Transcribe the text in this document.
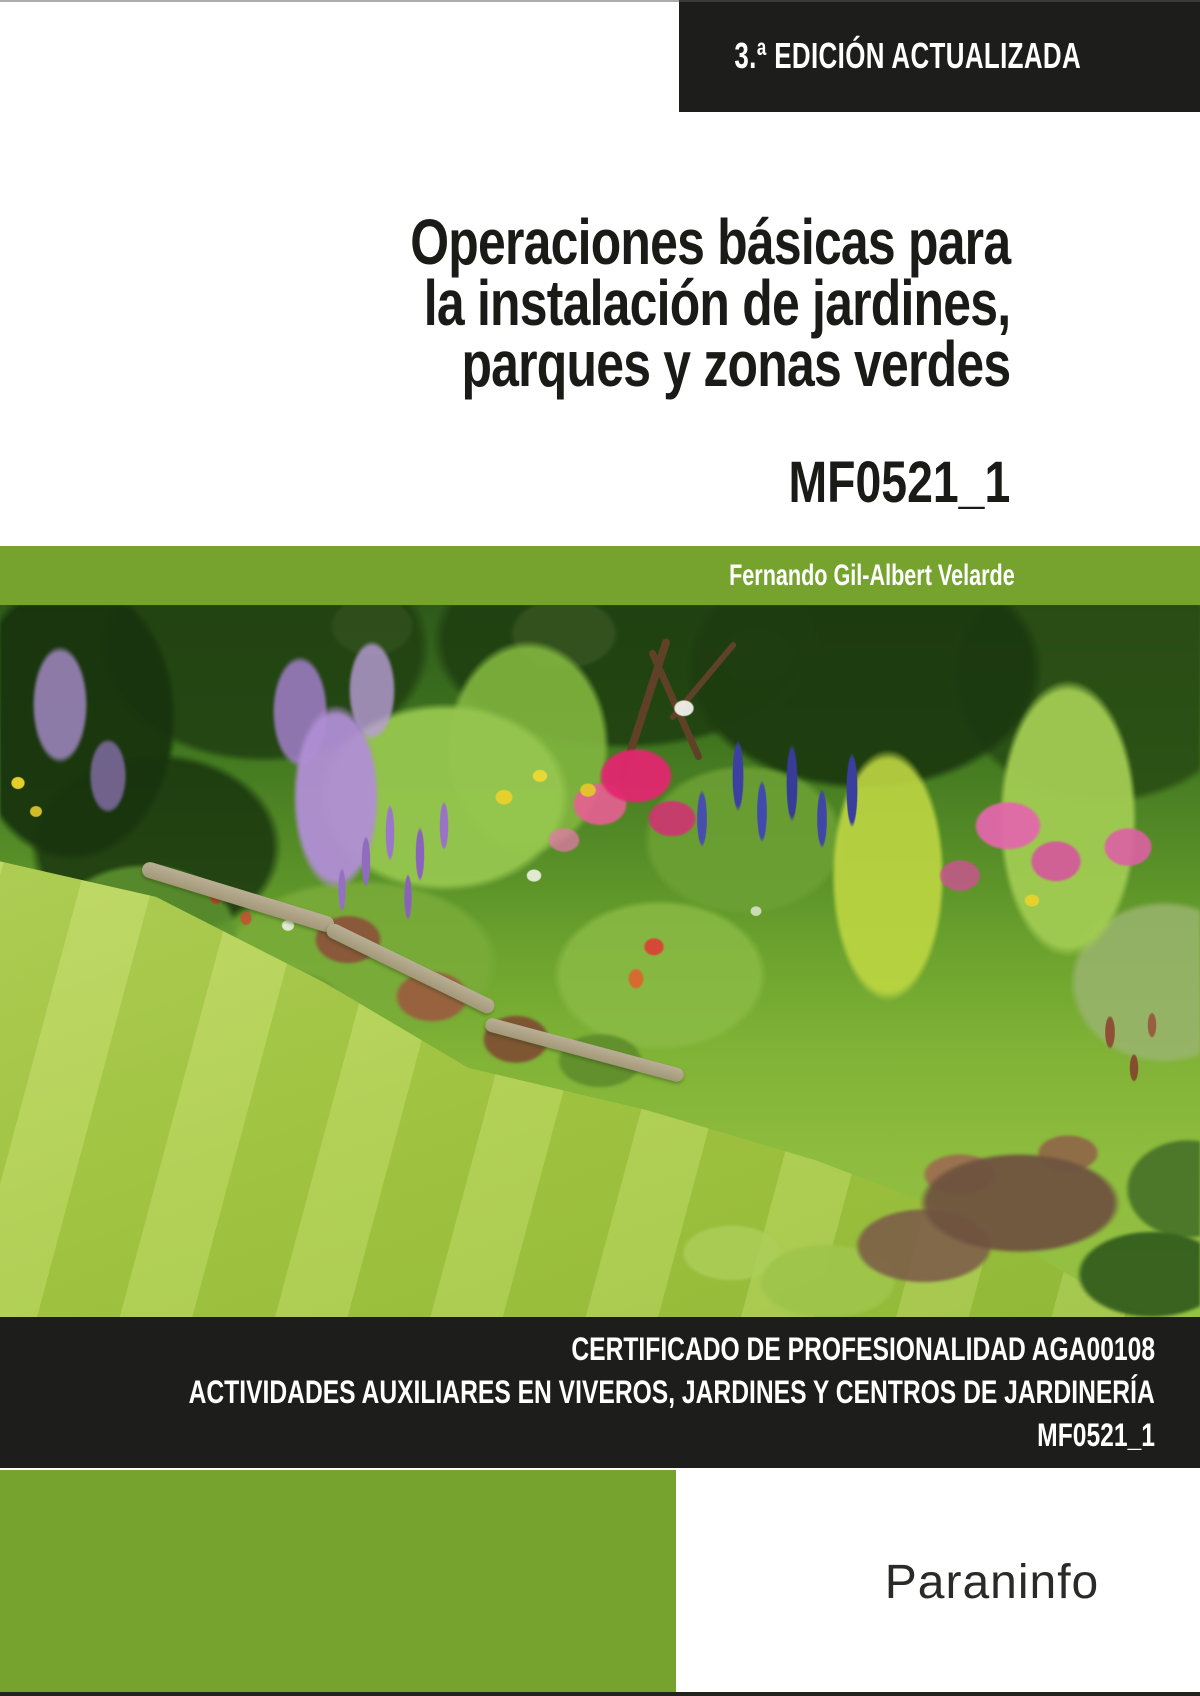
3.ª EDICIÓN ACTUALIZADA
Operaciones básicas para
la instalación de jardines,
parques y zonas verdes
MF0521_1
Fernando Gil-Albert Velarde
CERTIFICADO DE PROFESIONALIDAD AGA00108
ACTIVIDADES AUXILIARES EN VIVEROS, JARDINES Y CENTROS DE JARDINERÍA
MF0521_1
Paraninfo
